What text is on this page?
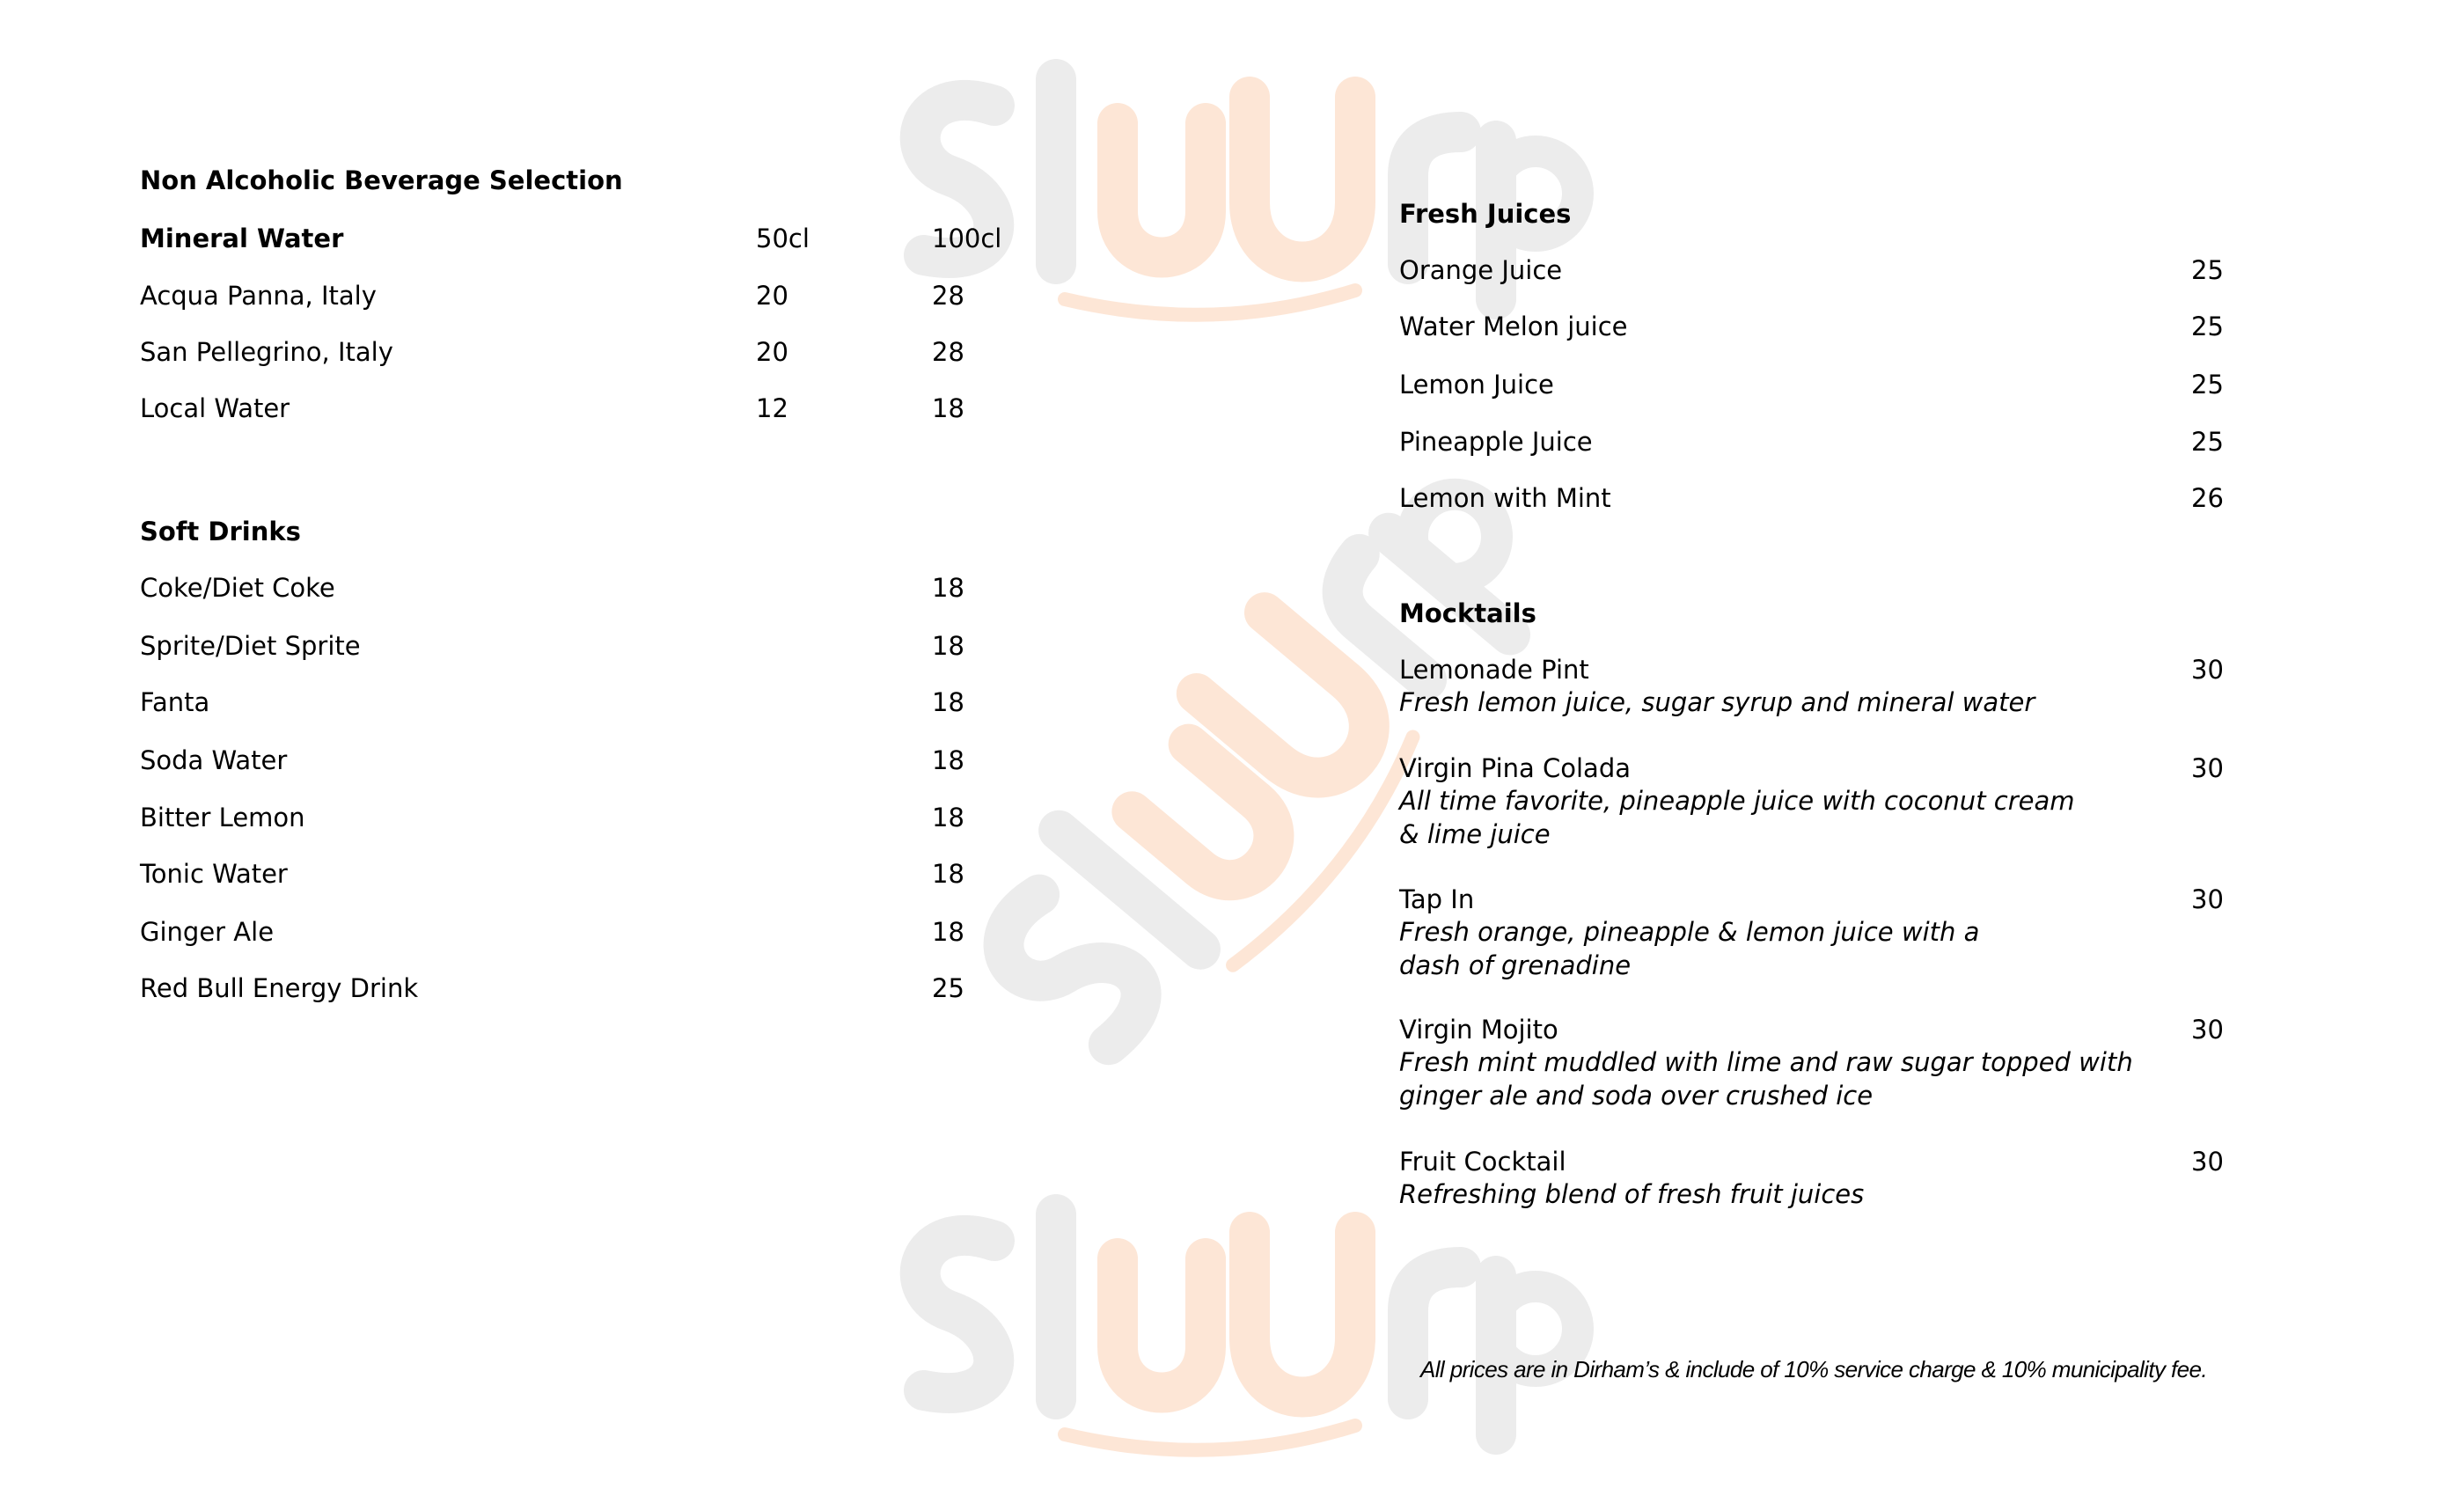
Non Alcoholic Beverage Selection
Mineral Water	50cl	100cl
Acqua Panna, Italy	20	28
San Pellegrino, Italy	20	28
Local Water	12	18
Soft Drinks
Coke/Diet Coke	18
Sprite/Diet Sprite	18
Fanta	18
Soda Water	18
Bitter Lemon	18
Tonic Water	18
Ginger Ale	18
Red Bull Energy Drink	25
Fresh Juices
Orange Juice	25
Water Melon juice	25
Lemon Juice	25
Pineapple Juice	25
Lemon with Mint	26
Mocktails
Lemonade Pint	30
Fresh lemon juice, sugar syrup and mineral water
Virgin Pina Colada	30
All time favorite, pineapple juice with coconut cream
& lime juice
Tap In	30
Fresh orange, pineapple & lemon juice with a
dash of grenadine
Virgin Mojito	30
Fresh mint muddled with lime and raw sugar topped with
ginger ale and soda over crushed ice
Fruit Cocktail	30
Refreshing blend of fresh fruit juices
All prices are in Dirham’s & include of 10% service charge & 10% municipality fee.
